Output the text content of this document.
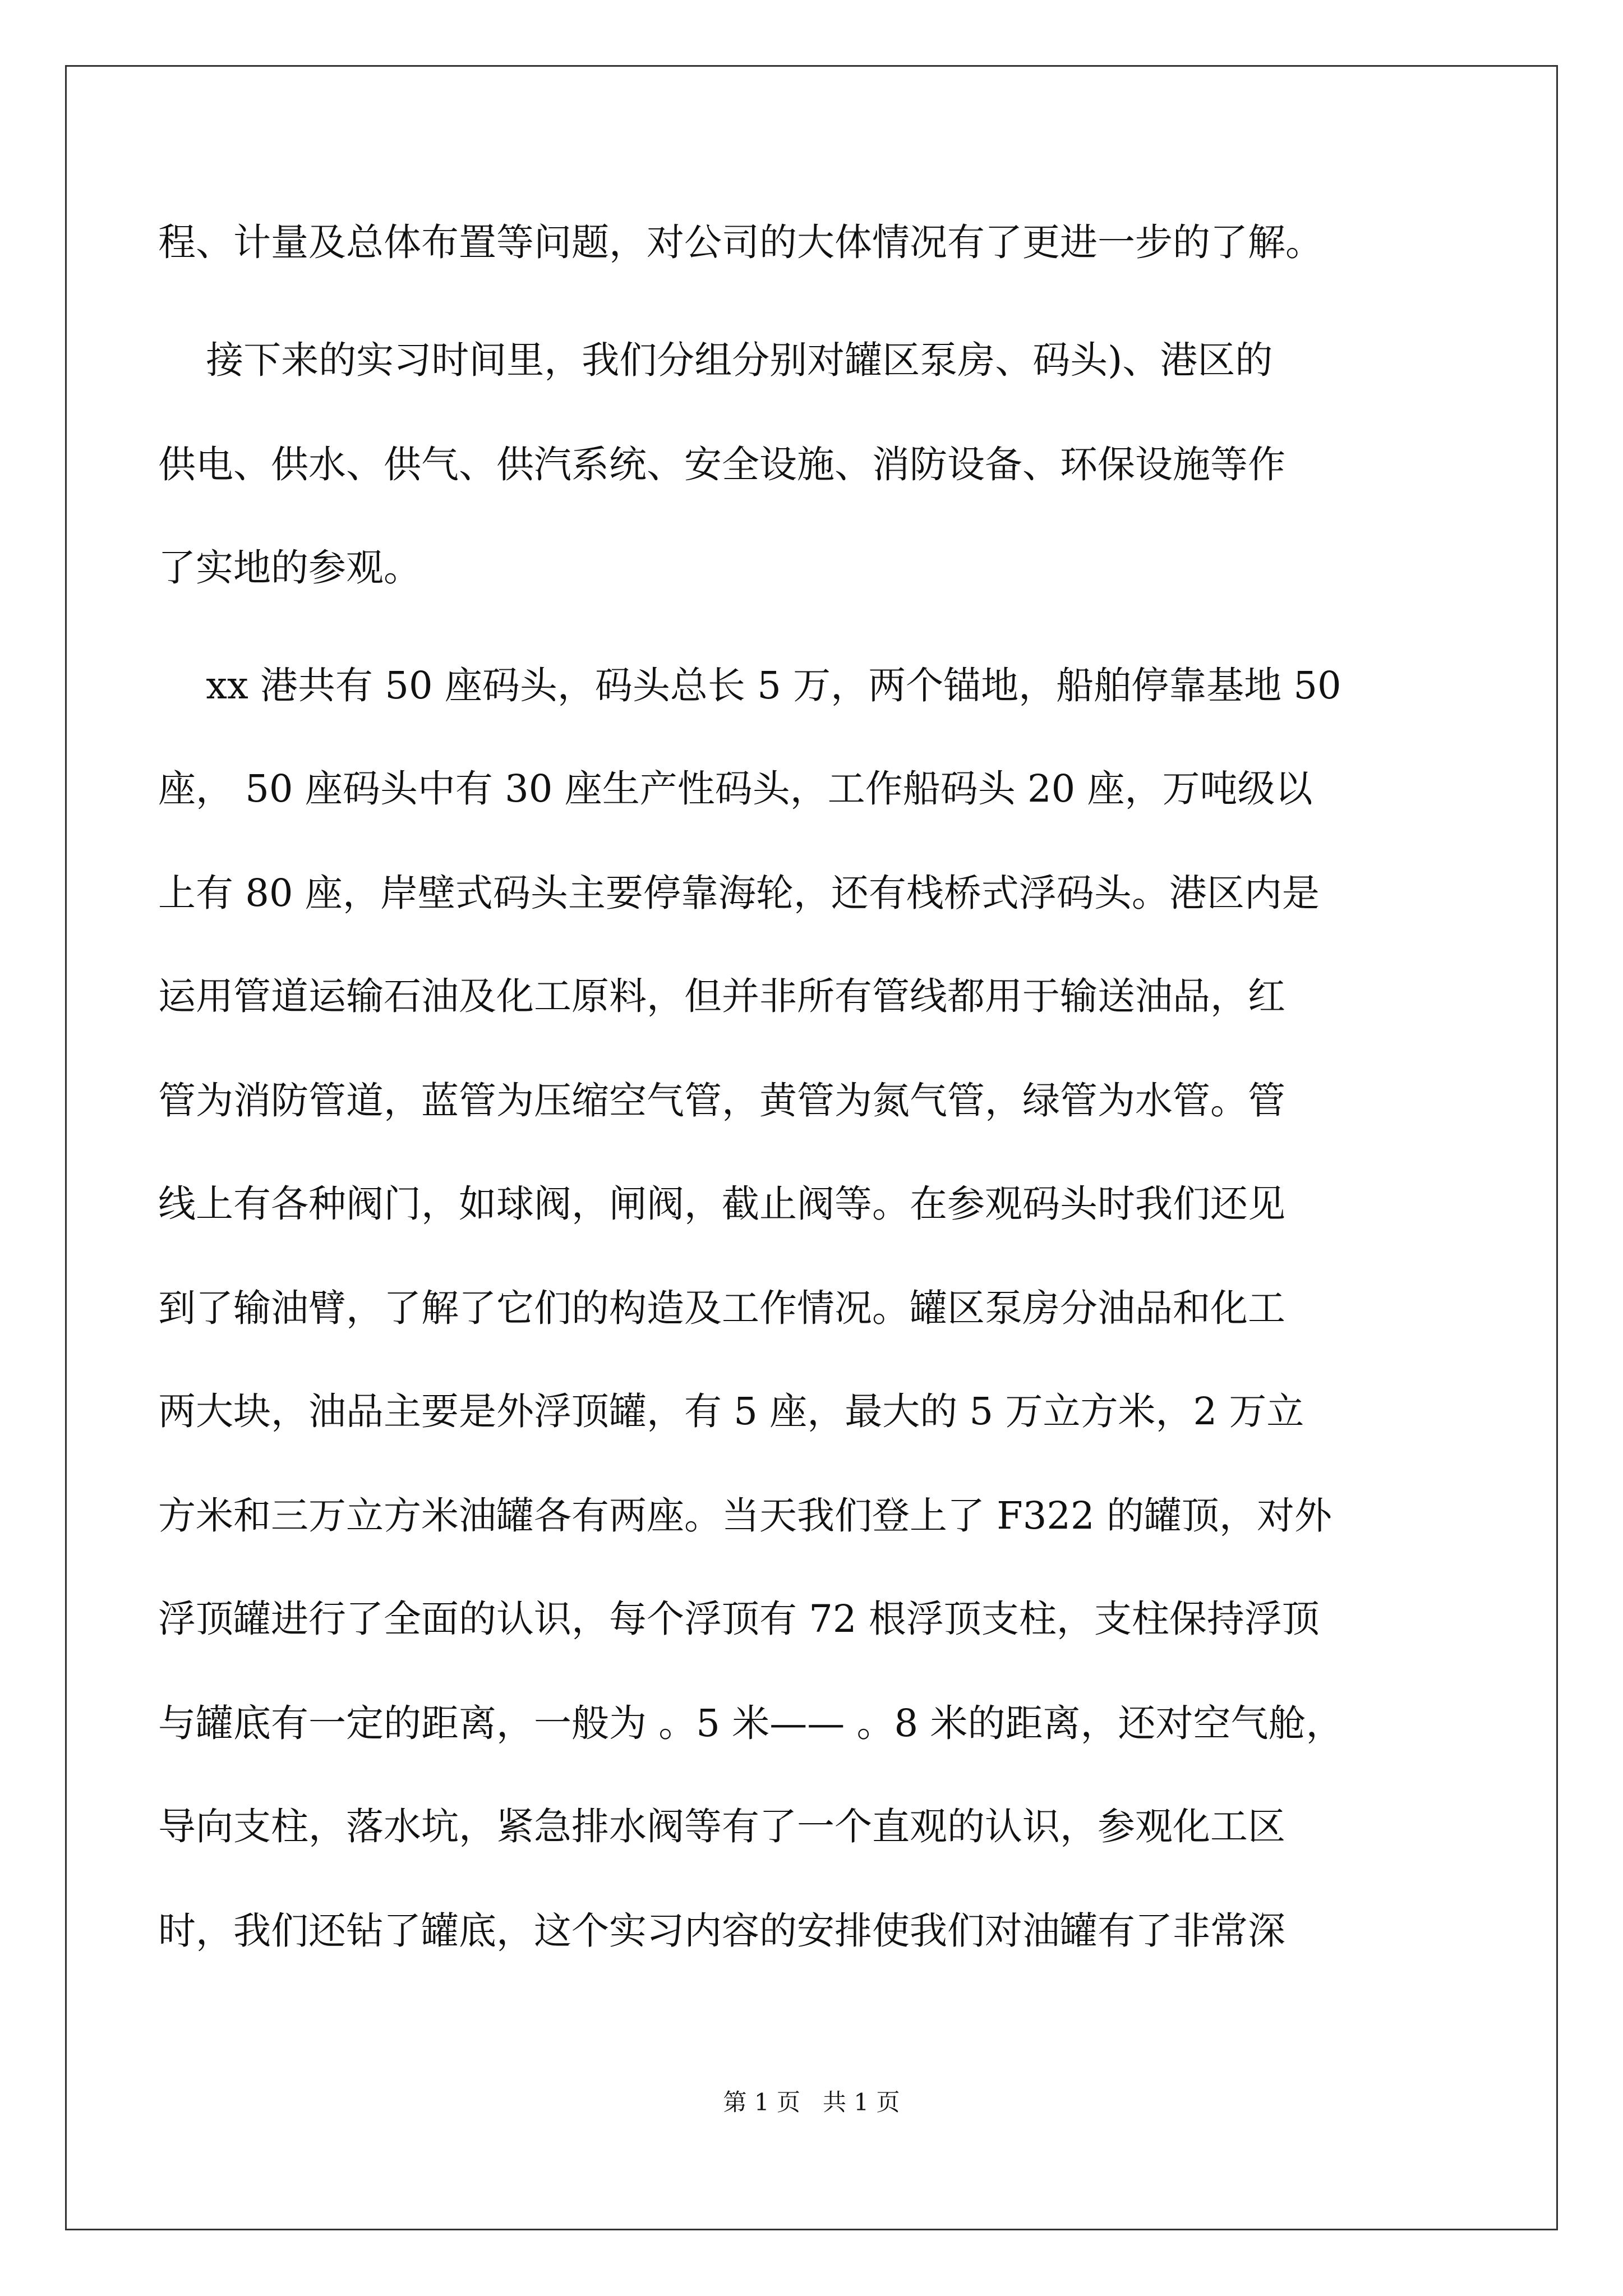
程、计量及总体布置等问题，对公司的大体情况有了更进一步的了解。
接下来的实习时间里，我们分组分别对罐区泵房、码头)、港区的
供电、供水、供气、供汽系统、安全设施、消防设备、环保设施等作
了实地的参观。
xx 港共有 50 座码头，码头总长 5 万，两个锚地，船舶停靠基地 50
座， 50 座码头中有 30 座生产性码头，工作船码头 20 座，万吨级以
上有 80 座，岸壁式码头主要停靠海轮，还有栈桥式浮码头。港区内是
运用管道运输石油及化工原料，但并非所有管线都用于输送油品，红
管为消防管道，蓝管为压缩空气管，黄管为氮气管，绿管为水管。管
线上有各种阀门，如球阀，闸阀，截止阀等。在参观码头时我们还见
到了输油臂，了解了它们的构造及工作情况。罐区泵房分油品和化工
两大块，油品主要是外浮顶罐，有 5 座，最大的 5 万立方米，2 万立
方米和三万立方米油罐各有两座。当天我们登上了 F322 的罐顶，对外
浮顶罐进行了全面的认识，每个浮顶有 72 根浮顶支柱，支柱保持浮顶
与罐底有一定的距离，一般为 。5 米—— 。8 米的距离，还对空气舱，
导向支柱，落水坑，紧急排水阀等有了一个直观的认识，参观化工区
时，我们还钻了罐底，这个实习内容的安排使我们对油罐有了非常深
第 1 页   共 1 页
